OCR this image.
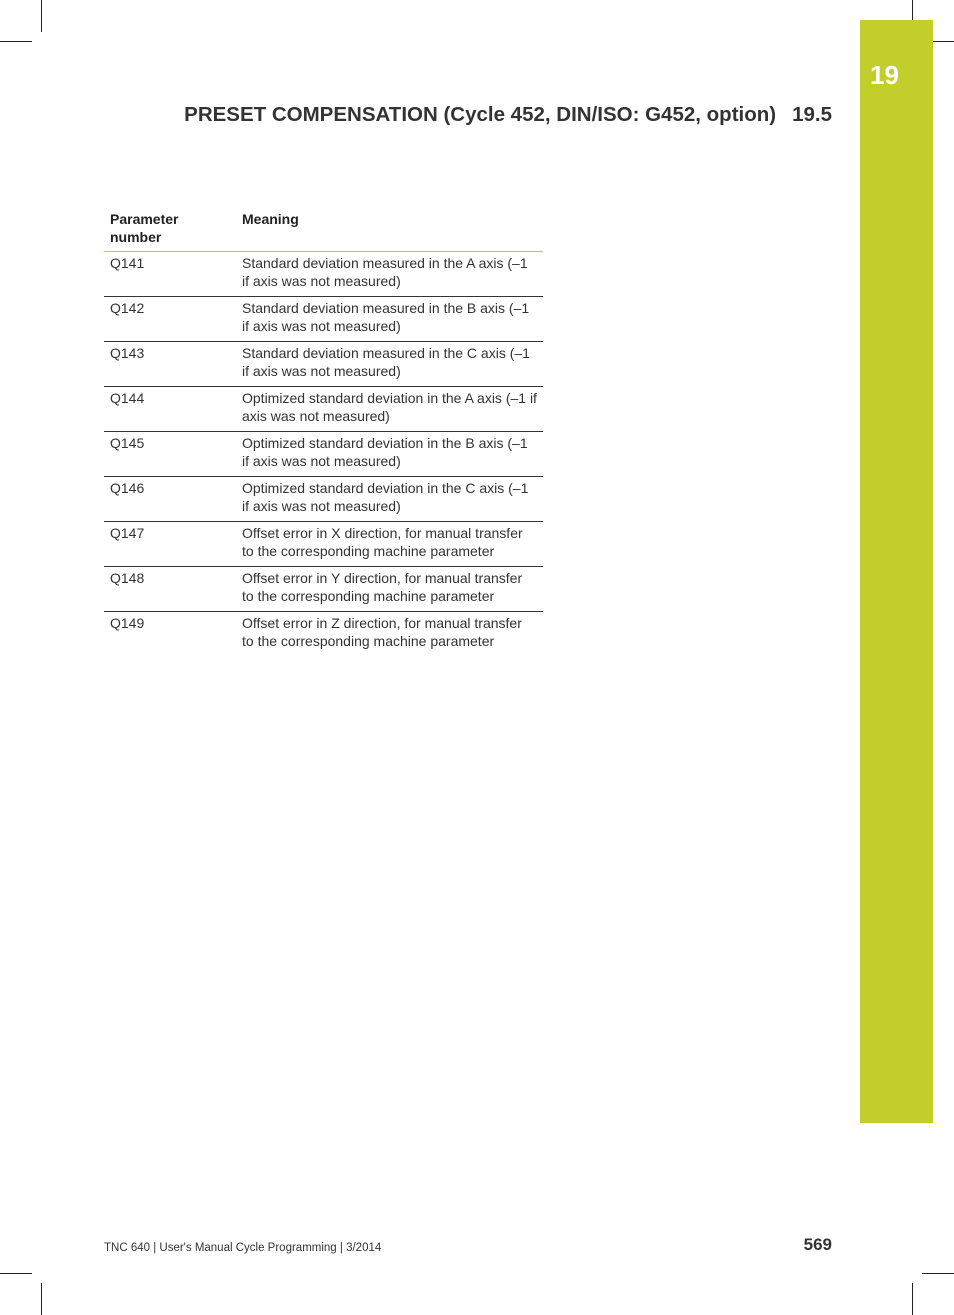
19
PRESET COMPENSATION (Cycle 452, DIN/ISO: G452, option) 19.5
Parameter number	Meaning
Q141	Standard deviation measured in the A axis (–1 if axis was not measured)
Q142	Standard deviation measured in the B axis (–1 if axis was not measured)
Q143	Standard deviation measured in the C axis (–1 if axis was not measured)
Q144	Optimized standard deviation in the A axis (–1 if axis was not measured)
Q145	Optimized standard deviation in the B axis (–1 if axis was not measured)
Q146	Optimized standard deviation in the C axis (–1 if axis was not measured)
Q147	Offset error in X direction, for manual transfer to the corresponding machine parameter
Q148	Offset error in Y direction, for manual transfer to the corresponding machine parameter
Q149	Offset error in Z direction, for manual transfer to the corresponding machine parameter
TNC 640 | User's Manual Cycle Programming | 3/2014	569
